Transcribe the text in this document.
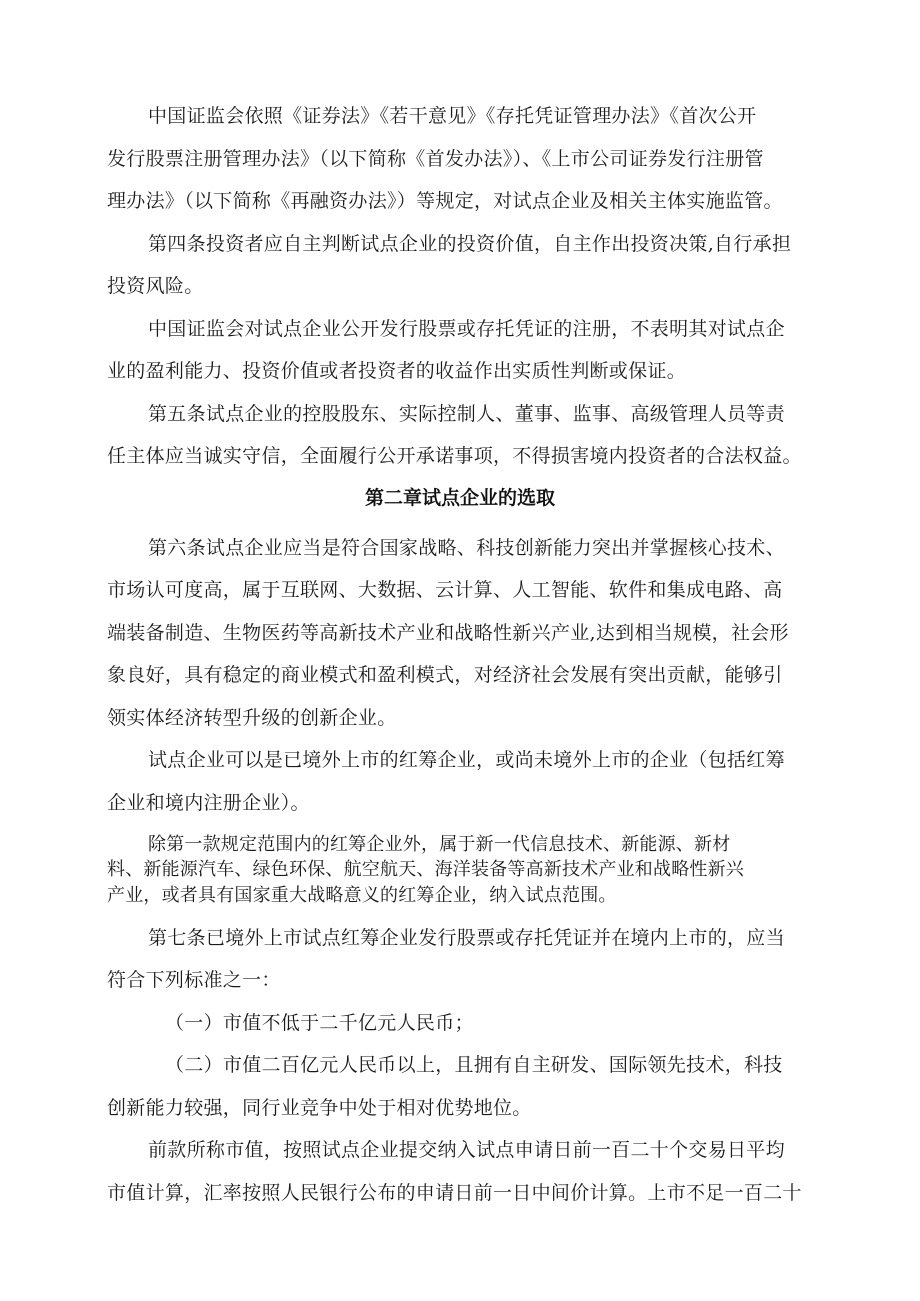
中国证监会依照《证券法》《若干意见》《存托凭证管理办法》《首次公开
发行股票注册管理办法》（以下简称《首发办法》）、《上市公司证券发行注册管
理办法》（以下简称《再融资办法》）等规定，对试点企业及相关主体实施监管。
第四条投资者应自主判断试点企业的投资价值，自主作出投资决策,自行承担
投资风险。
中国证监会对试点企业公开发行股票或存托凭证的注册，不表明其对试点企
业的盈利能力、投资价值或者投资者的收益作出实质性判断或保证。
第五条试点企业的控股股东、实际控制人、董事、监事、高级管理人员等责
任主体应当诚实守信，全面履行公开承诺事项，不得损害境内投资者的合法权益。
第二章试点企业的选取
第六条试点企业应当是符合国家战略、科技创新能力突出并掌握核心技术、
市场认可度高，属于互联网、大数据、云计算、人工智能、软件和集成电路、高
端装备制造、生物医药等高新技术产业和战略性新兴产业,达到相当规模，社会形
象良好，具有稳定的商业模式和盈利模式，对经济社会发展有突出贡献，能够引
领实体经济转型升级的创新企业。
试点企业可以是已境外上市的红筹企业，或尚未境外上市的企业（包括红筹
企业和境内注册企业）。
除第一款规定范围内的红筹企业外，属于新一代信息技术、新能源、新材
料、新能源汽车、绿色环保、航空航天、海洋装备等高新技术产业和战略性新兴
产业，或者具有国家重大战略意义的红筹企业，纳入试点范围。
第七条已境外上市试点红筹企业发行股票或存托凭证并在境内上市的，应当
符合下列标准之一：
（一）市值不低于二千亿元人民币；
（二）市值二百亿元人民币以上，且拥有自主研发、国际领先技术，科技
创新能力较强，同行业竞争中处于相对优势地位。
前款所称市值，按照试点企业提交纳入试点申请日前一百二十个交易日平均
市值计算，汇率按照人民银行公布的申请日前一日中间价计算。上市不足一百二十
